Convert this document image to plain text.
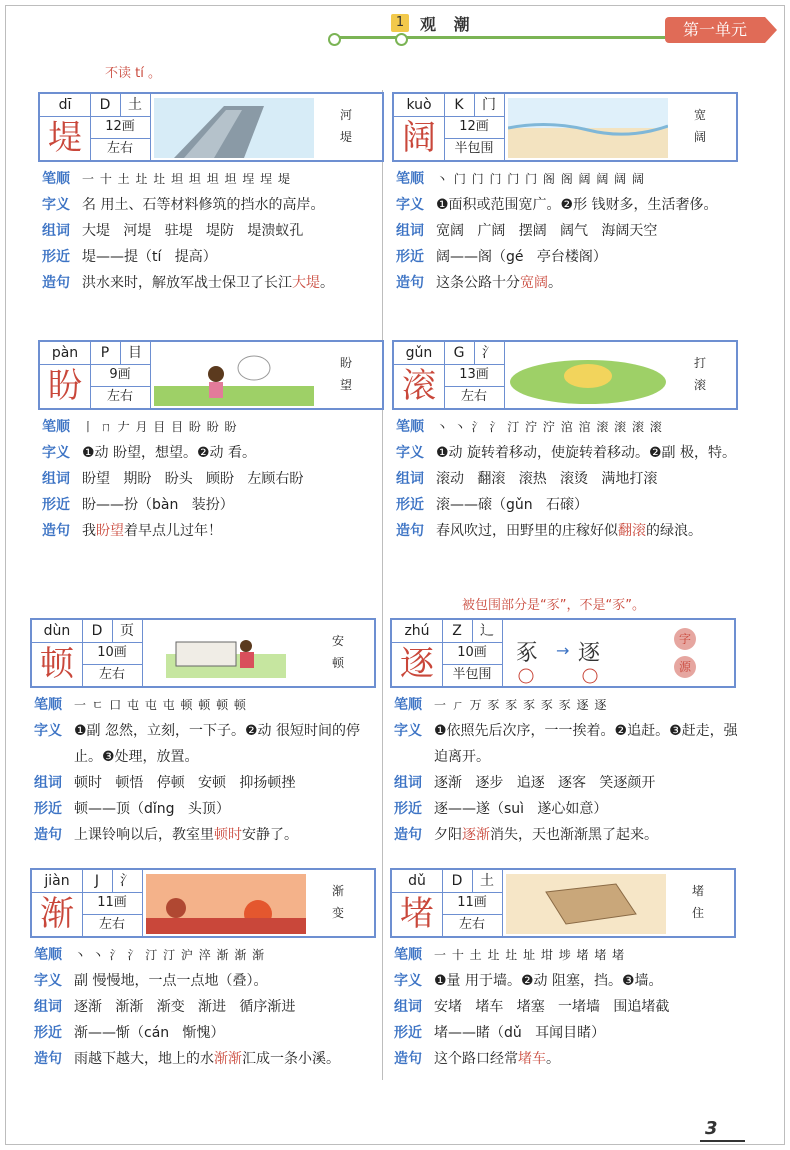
1 观 潮	第一单元
不读 tí 。
被包围部分是“豕”，不是“豕”。
dī	D	土
堤	12画
左右
河
堤
笔顺	一 十 土 圵 圵 坦 坦 坦 坦 埕 埕 堤
字义 名 用土、石等材料修筑的挡水的高岸。
组词 大堤   河堤   驻堤   堤防   堤溃蚁孔
形近 堤——提（tí   提高）
造句 洪水来时，解放军战士保卫了长江大堤。
kuò	K	门
阔	12画
半包围
宽
阔
笔顺	丶 门 门 门 门 门 阁 阁 阔 阔 阔 阔
字义 ❶面积或范围宽广。❷形 钱财多，生活奢侈。
组词 宽阔   广阔   摆阔   阔气   海阔天空
形近 阔——阁（gé   亭台楼阁）
造句 这条公路十分宽阔。
pàn	P	目
盼	9画
左右
盼
望
笔顺	丨 ㄇ 𠂇 月 目 目 盼 盼 盼
字义 ❶动 盼望，想望。❷动 看。
组词 盼望   期盼   盼头   顾盼   左顾右盼
形近 盼——扮（bàn   装扮）
造句 我盼望着早点儿过年！
gǔn	G	氵
滚	13画
左右
打
滚
笔顺	丶 丶 氵 氵 汀 泞 泞 涫 涫 滚 滚 滚 滚
字义 ❶动 旋转着移动，使旋转着移动。❷副 极，特。
组词 滚动   翻滚   滚热   滚烫   满地打滚
形近 滚——磙（gǔn   石磙）
造句 春风吹过，田野里的庄稼好似翻滚的绿浪。
dùn	D	页
顿	10画
左右
安
顿
笔顺	一 ㄷ 口 屯 屯 屯 顿 顿 顿 顿
字义 ❶副 忽然，立刻，一下子。❷动 很短时间的停止。❸处理，放置。
组词 顿时   顿悟   停顿   安顿   抑扬顿挫
形近 顿——顶（dǐng   头顶）
造句 上课铃响以后，教室里顿时安静了。
zhú	Z	辶
逐	10画
半包围
豖 → 逐
字
源
笔顺	一 ㄏ 万 豕 豕 豕 豕 豕 逐 逐
字义 ❶依照先后次序，一一挨着。❷追赶。❸赶走，强迫离开。
组词 逐渐   逐步   追逐   逐客   笑逐颜开
形近 逐——遂（suì   遂心如意）
造句 夕阳逐渐消失，天也渐渐黑了起来。
jiàn	J	氵
渐	11画
左右
渐
变
笔顺	丶 丶 氵 氵 汀 汀 沪 淬 渐 渐 渐
字义 副 慢慢地，一点一点地（叠）。
组词 逐渐   渐渐   渐变   渐进   循序渐进
形近 渐——惭（cán   惭愧）
造句 雨越下越大，地上的水渐渐汇成一条小溪。
dǔ	D	土
堵	11画
左右
堵
住
笔顺	一 十 土 圵 圵 址 坩 埗 堵 堵 堵
字义 ❶量 用于墙。❷动 阻塞，挡。❸墙。
组词 安堵   堵车   堵塞   一堵墙   围追堵截
形近 堵——睹（dǔ   耳闻目睹）
造句 这个路口经常堵车。
3
